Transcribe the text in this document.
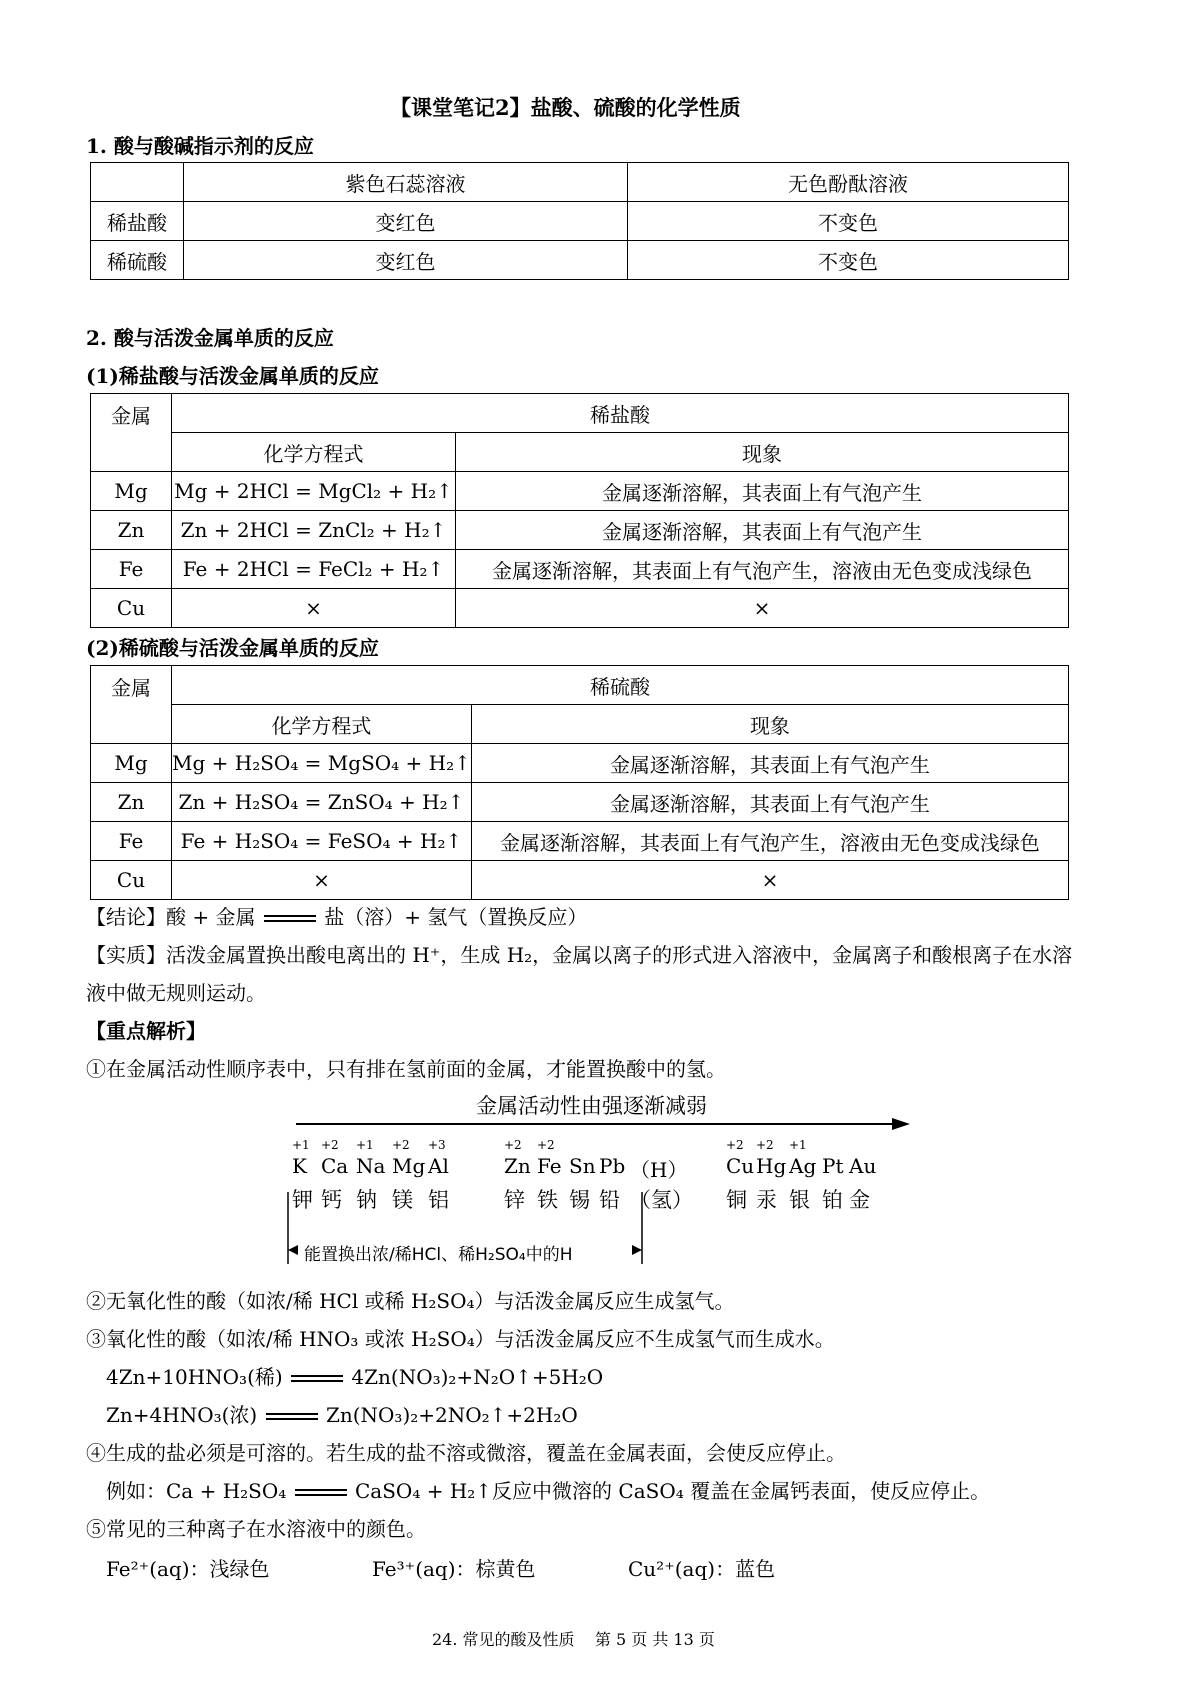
【课堂笔记2】盐酸、硫酸的化学性质
1. 酸与酸碱指示剂的反应
	紫色石蕊溶液	无色酚酞溶液
稀盐酸	变红色	不变色
稀硫酸	变红色	不变色
2. 酸与活泼金属单质的反应
(1)稀盐酸与活泼金属单质的反应
金属	稀盐酸	
	化学方程式	现象
Mg	Mg + 2HCl = MgCl₂ + H₂↑	金属逐渐溶解，其表面上有气泡产生
Zn	Zn + 2HCl = ZnCl₂ + H₂↑	金属逐渐溶解，其表面上有气泡产生
Fe	Fe + 2HCl = FeCl₂ + H₂↑	金属逐渐溶解，其表面上有气泡产生，溶液由无色变成浅绿色
Cu	×	×
(2)稀硫酸与活泼金属单质的反应
金属	稀硫酸	
	化学方程式	现象
Mg	Mg + H₂SO₄ = MgSO₄ + H₂↑	金属逐渐溶解，其表面上有气泡产生
Zn	Zn + H₂SO₄ = ZnSO₄ + H₂↑	金属逐渐溶解，其表面上有气泡产生
Fe	Fe + H₂SO₄ = FeSO₄ + H₂↑	金属逐渐溶解，其表面上有气泡产生，溶液由无色变成浅绿色
Cu	×	×
【结论】酸 + 金属	盐（溶）+ 氢气（置换反应）
【实质】活泼金属置换出酸电离出的 H⁺，生成 H₂，金属以离子的形式进入溶液中，金属离子和酸根离子在水溶
液中做无规则运动。
【重点解析】
①在金属活动性顺序表中，只有排在氢前面的金属，才能置换酸中的氢。
金属活动性由强逐渐减弱
+1
K
钾
+2
Ca
钙
+1
Na
钠
+2
Mg
镁
+3
Al
铝
+2
Zn
锌
+2
Fe
铁
Sn
锡
Pb
铅
（H）
（氢）
+2
Cu
铜
+2
Hg
汞
+1
Ag
银
Pt
铂
Au
金
能置换出浓/稀HCl、稀H₂SO₄中的H
②无氧化性的酸（如浓/稀 HCl 或稀 H₂SO₄）与活泼金属反应生成氢气。
③氧化性的酸（如浓/稀 HNO₃ 或浓 H₂SO₄）与活泼金属反应不生成氢气而生成水。
4Zn+10HNO₃(稀)	4Zn(NO₃)₂+N₂O↑+5H₂O
Zn+4HNO₃(浓)	Zn(NO₃)₂+2NO₂↑+2H₂O
④生成的盐必须是可溶的。若生成的盐不溶或微溶，覆盖在金属表面，会使反应停止。
例如：Ca + H₂SO₄	CaSO₄ + H₂↑反应中微溶的 CaSO₄ 覆盖在金属钙表面，使反应停止。
⑤常见的三种离子在水溶液中的颜色。
Fe²⁺(aq)：浅绿色	Fe³⁺(aq)：棕黄色	Cu²⁺(aq)：蓝色
24. 常见的酸及性质    第 5 页 共 13 页
